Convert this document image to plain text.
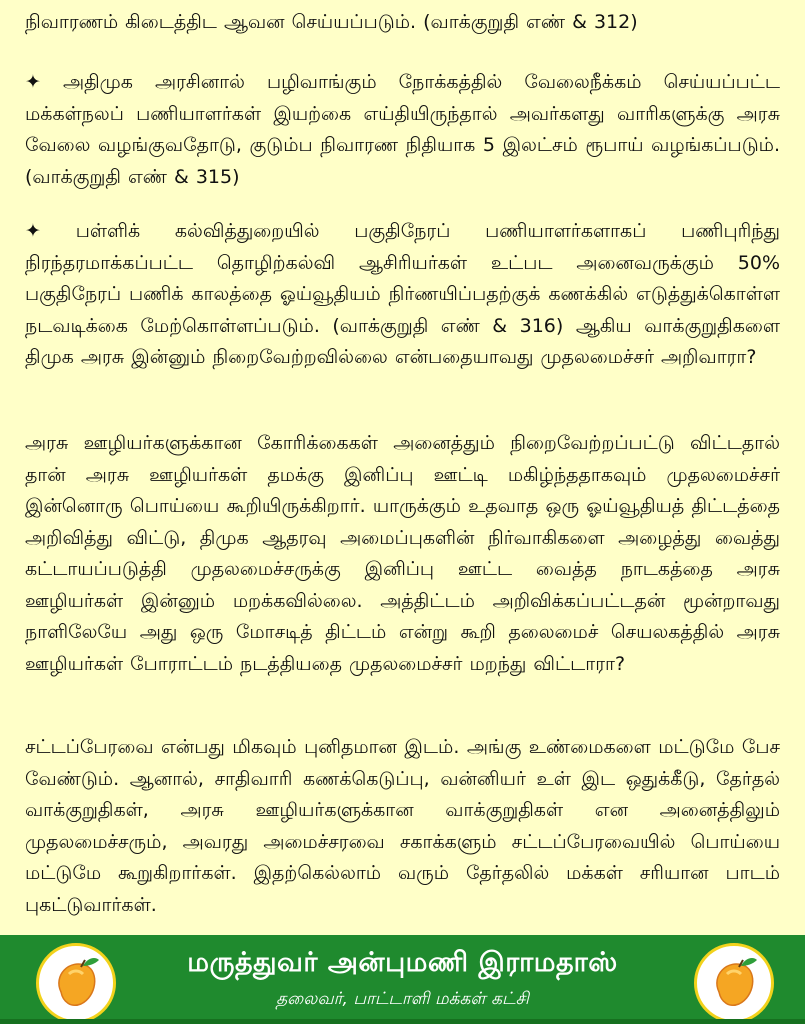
நிவாரணம் கிடைத்திட ஆவன செய்யப்படும். (வாக்குறுதி எண் & 312)

✦ அதிமுக அரசினால் பழிவாங்கும் நோக்கத்தில் வேலைநீக்கம் செய்யப்பட்ட மக்கள்நலப் பணியாளர்கள் இயற்கை எய்தியிருந்தால் அவர்களது வாரிகளுக்கு அரசு வேலை வழங்குவதோடு, குடும்ப நிவாரண நிதியாக 5 இலட்சம் ரூபாய் வழங்கப்படும். (வாக்குறுதி எண் & 315)

✦ பள்ளிக் கல்வித்துறையில் பகுதிநேரப் பணியாளர்களாகப் பணிபுரிந்து நிரந்தரமாக்கப்பட்ட தொழிற்கல்வி ஆசிரியர்கள் உட்பட அனைவருக்கும் 50% பகுதிநேரப் பணிக் காலத்தை ஓய்வூதியம் நிர்ணயிப்பதற்குக் கணக்கில் எடுத்துக்கொள்ள நடவடிக்கை மேற்கொள்ளப்படும். (வாக்குறுதி எண் & 316) ஆகிய வாக்குறுதிகளை திமுக அரசு இன்னும் நிறைவேற்றவில்லை என்பதையாவது முதலமைச்சர் அறிவாரா?

அரசு ஊழியர்களுக்கான கோரிக்கைகள் அனைத்தும் நிறைவேற்றப்பட்டு விட்டதால் தான் அரசு ஊழியர்கள் தமக்கு இனிப்பு ஊட்டி மகிழ்ந்ததாகவும் முதலமைச்சர் இன்னொரு பொய்யை கூறியிருக்கிறார். யாருக்கும் உதவாத ஒரு ஓய்வூதியத் திட்டத்தை அறிவித்து விட்டு, திமுக ஆதரவு அமைப்புகளின் நிர்வாகிகளை அழைத்து வைத்து கட்டாயப்படுத்தி முதலமைச்சருக்கு இனிப்பு ஊட்ட வைத்த நாடகத்தை அரசு ஊழியர்கள் இன்னும் மறக்கவில்லை. அத்திட்டம் அறிவிக்கப்பட்டதன் மூன்றாவது நாளிலேயே அது ஒரு மோசடித் திட்டம் என்று கூறி தலைமைச் செயலகத்தில் அரசு ஊழியர்கள் போராட்டம் நடத்தியதை முதலமைச்சர் மறந்து விட்டாரா?

சட்டப்பேரவை என்பது மிகவும் புனிதமான இடம். அங்கு உண்மைகளை மட்டுமே பேச வேண்டும். ஆனால், சாதிவாரி கணக்கெடுப்பு, வன்னியர் உள் இட ஒதுக்கீடு, தேர்தல் வாக்குறுதிகள், அரசு ஊழியர்களுக்கான வாக்குறுதிகள் என அனைத்திலும் முதலமைச்சரும், அவரது அமைச்சரவை சகாக்களும் சட்டப்பேரவையில் பொய்யை மட்டுமே கூறுகிறார்கள். இதற்கெல்லாம் வரும் தேர்தலில் மக்கள் சரியான பாடம் புகட்டுவார்கள்.

மருத்துவர் அன்புமணி இராமதாஸ்
தலைவர், பாட்டாளி மக்கள் கட்சி
